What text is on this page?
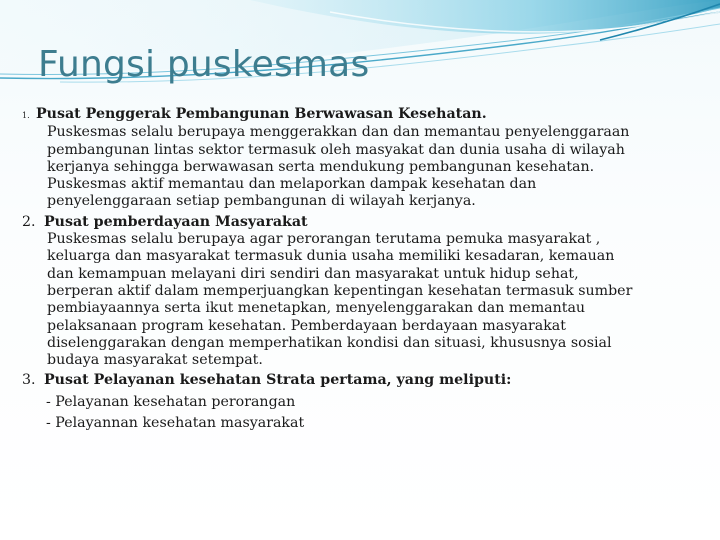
Fungsi puskesmas
1. Pusat Penggerak Pembangunan Berwawasan Kesehatan.
Puskesmas selalu berupaya menggerakkan dan dan memantau penyelenggaraan
pembangunan lintas sektor termasuk oleh masyakat dan dunia usaha di wilayah
kerjanya sehingga berwawasan serta mendukung pembangunan kesehatan.
Puskesmas aktif memantau dan melaporkan dampak kesehatan dan
penyelenggaraan setiap pembangunan di wilayah kerjanya.
2. Pusat pemberdayaan Masyarakat
Puskesmas selalu berupaya agar perorangan terutama pemuka masyarakat ,
keluarga dan masyarakat termasuk dunia usaha memiliki kesadaran, kemauan
dan kemampuan melayani diri sendiri dan masyarakat untuk hidup sehat,
berperan aktif dalam memperjuangkan kepentingan kesehatan termasuk sumber
pembiayaannya serta ikut menetapkan, menyelenggarakan dan memantau
pelaksanaan program kesehatan. Pemberdayaan berdayaan masyarakat
diselenggarakan dengan memperhatikan kondisi dan situasi, khususnya sosial
budaya masyarakat setempat.
3. Pusat Pelayanan kesehatan Strata pertama, yang meliputi:
- Pelayanan kesehatan perorangan
- Pelayannan kesehatan masyarakat
